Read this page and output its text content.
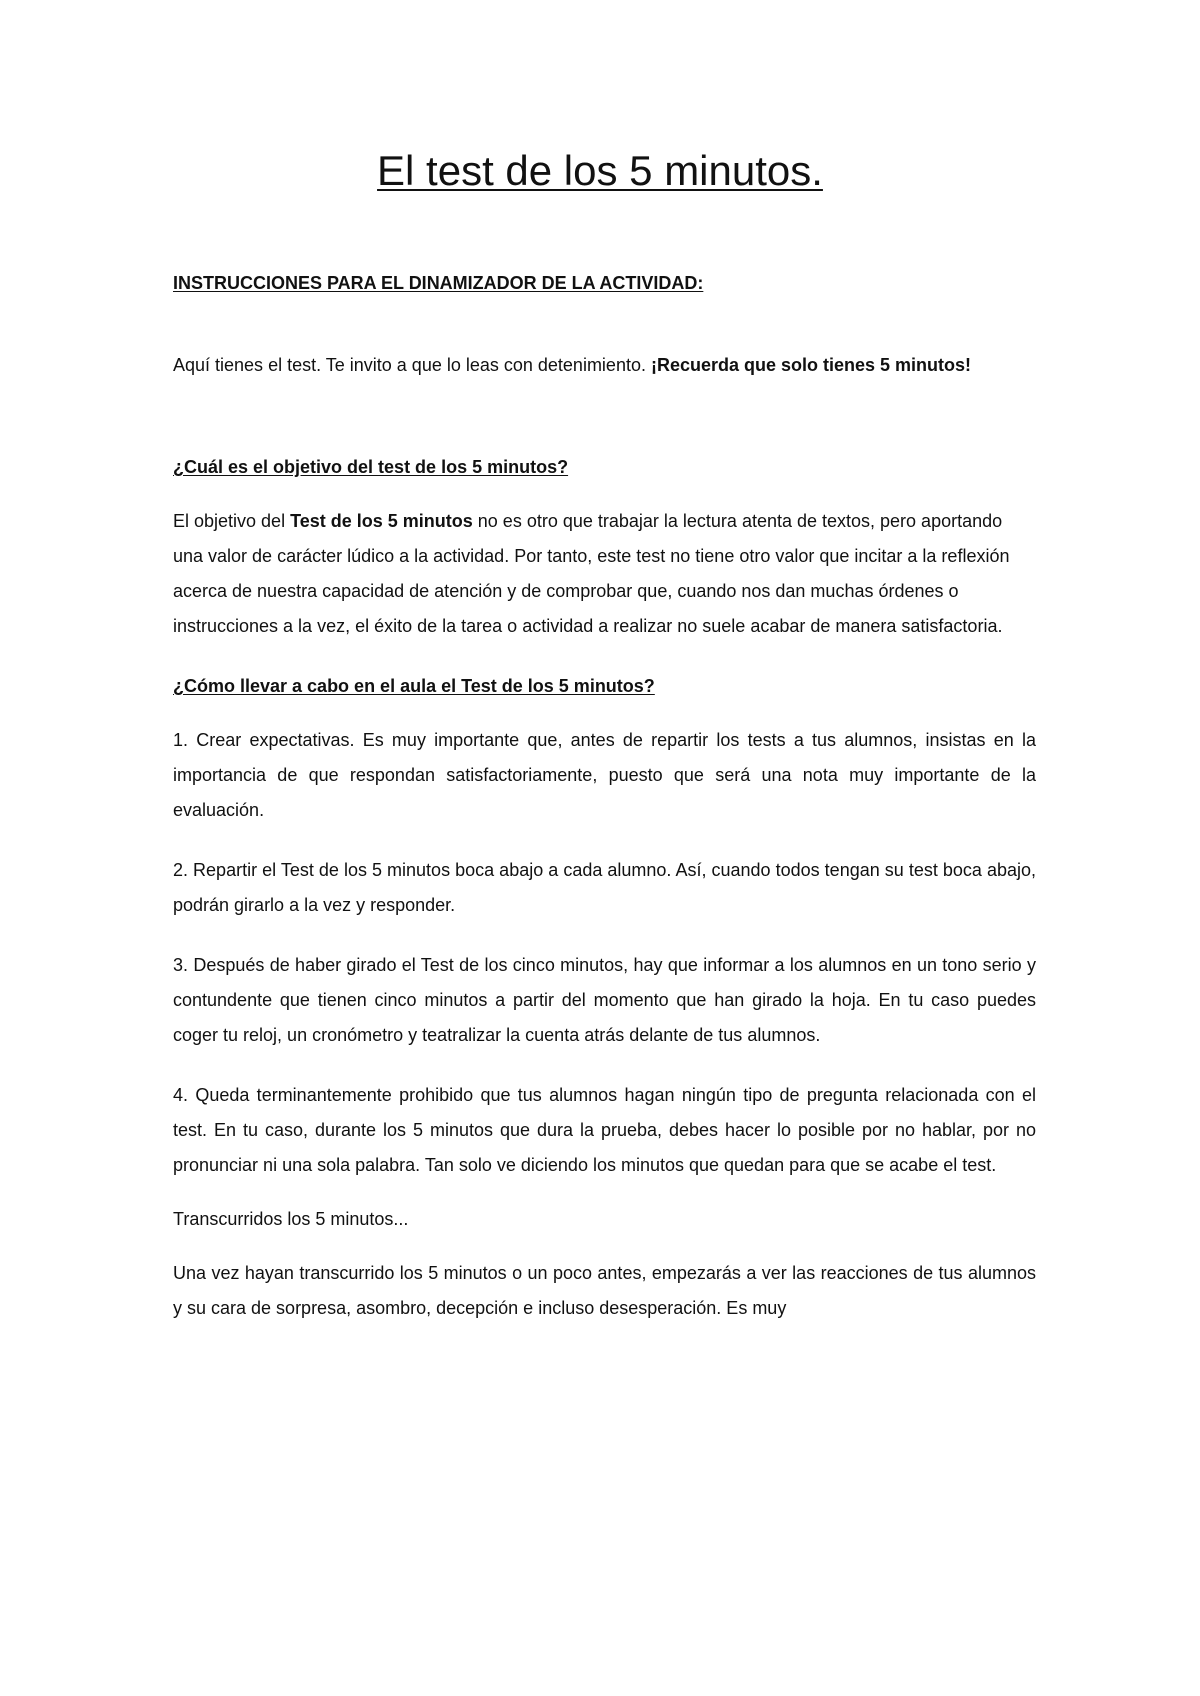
El test de los 5 minutos.

INSTRUCCIONES PARA EL DINAMIZADOR DE LA ACTIVIDAD:

Aquí tienes el test. Te invito a que lo leas con detenimiento. ¡Recuerda que solo tienes 5 minutos!

¿Cuál es el objetivo del test de los 5 minutos?

El objetivo del Test de los 5 minutos no es otro que trabajar la lectura atenta de textos, pero aportando una valor de carácter lúdico a la actividad. Por tanto, este test no tiene otro valor que incitar a la reflexión acerca de nuestra capacidad de atención y de comprobar que, cuando nos dan muchas órdenes o instrucciones a la vez, el éxito de la tarea o actividad a realizar no suele acabar de manera satisfactoria.

¿Cómo llevar a cabo en el aula el Test de los 5 minutos?

1. Crear expectativas. Es muy importante que, antes de repartir los tests a tus alumnos, insistas en la importancia de que respondan satisfactoriamente, puesto que será una nota muy importante de la evaluación.

2. Repartir el Test de los 5 minutos boca abajo a cada alumno. Así, cuando todos tengan su test boca abajo, podrán girarlo a la vez y responder.

3. Después de haber girado el Test de los cinco minutos, hay que informar a los alumnos en un tono serio y contundente que tienen cinco minutos a partir del momento que han girado la hoja. En tu caso puedes coger tu reloj, un cronómetro y teatralizar la cuenta atrás delante de tus alumnos.

4. Queda terminantemente prohibido que tus alumnos hagan ningún tipo de pregunta relacionada con el test. En tu caso, durante los 5 minutos que dura la prueba, debes hacer lo posible por no hablar, por no pronunciar ni una sola palabra. Tan solo ve diciendo los minutos que quedan para que se acabe el test.

Transcurridos los 5 minutos...

Una vez hayan transcurrido los 5 minutos o un poco antes, empezarás a ver las reacciones de tus alumnos y su cara de sorpresa, asombro, decepción e incluso desesperación. Es muy
